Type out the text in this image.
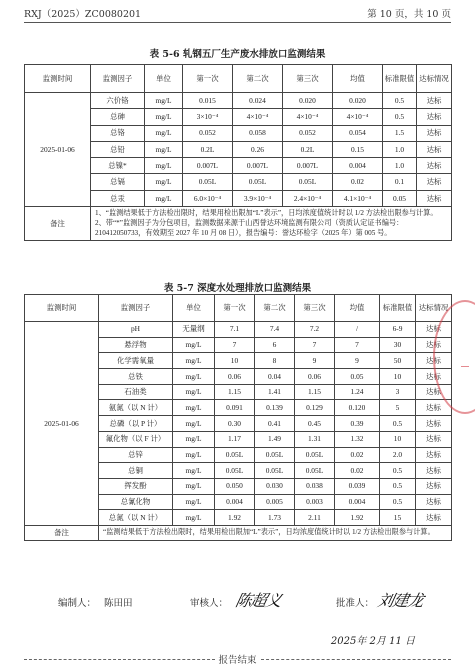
RXJ（2025）ZC0080201	第 10 页，共 10 页
表 5-6 轧钢五厂生产废水排放口监测结果
监测时间	监测因子	单位	第一次	第二次	第三次	均值	标准限值	达标情况
2025-01-06	六价铬	mg/L	0.015	0.024	0.020	0.020	0.5	达标
	总砷	mg/L	3×10⁻⁴	4×10⁻⁴	4×10⁻⁴	4×10⁻⁴	0.5	达标
	总铬	mg/L	0.052	0.058	0.052	0.054	1.5	达标
	总铅	mg/L	0.2L	0.26	0.2L	0.15	1.0	达标
	总镍*	mg/L	0.007L	0.007L	0.007L	0.004	1.0	达标
	总镉	mg/L	0.05L	0.05L	0.05L	0.02	0.1	达标
	总汞	mg/L	6.0×10⁻⁴	3.9×10⁻⁴	2.4×10⁻⁴	4.1×10⁻⁴	0.05	达标
备注	1、“监测结果低于方法检出限时，结果用检出限加“L”表示”，日均浓度值统计时以 1/2 方法检出限参与计算。
2、带“*”监测因子为分包项目，监测数据来源于山西誉达环境监测有限公司（资质认定证书编号：210412050733，有效期至 2027 年 10 月 08 日），报告编号：誉达环检字（2025 年）第 005 号。							
表 5-7 深度水处理排放口监测结果
监测时间	监测因子	单位	第一次	第二次	第三次	均值	标准限值	达标情况
2025-01-06	pH	无量纲	7.1	7.4	7.2	/	6-9	达标
	悬浮物	mg/L	7	6	7	7	30	达标
	化学需氧量	mg/L	10	8	9	9	50	达标
	总铁	mg/L	0.06	0.04	0.06	0.05	10	达标
	石油类	mg/L	1.15	1.41	1.15	1.24	3	达标
	氨氮（以 N 计）	mg/L	0.091	0.139	0.129	0.120	5	达标
	总磷（以 P 计）	mg/L	0.30	0.41	0.45	0.39	0.5	达标
	氟化物（以 F 计）	mg/L	1.17	1.49	1.31	1.32	10	达标
	总锌	mg/L	0.05L	0.05L	0.05L	0.02	2.0	达标
	总铜	mg/L	0.05L	0.05L	0.05L	0.02	0.5	达标
	挥发酚	mg/L	0.050	0.030	0.038	0.039	0.5	达标
	总氰化物	mg/L	0.004	0.005	0.003	0.004	0.5	达标
	总氮（以 N 计）	mg/L	1.92	1.73	2.11	1.92	15	达标
备注	“监测结果低于方法检出限时，结果用检出限加“L”表示”，日均浓度值统计时以 1/2 方法检出限参与计算。							
编制人： 陈田田	审核人： 陈超义	批准人： 刘建龙
2025年 2月 11 日
报告结束
